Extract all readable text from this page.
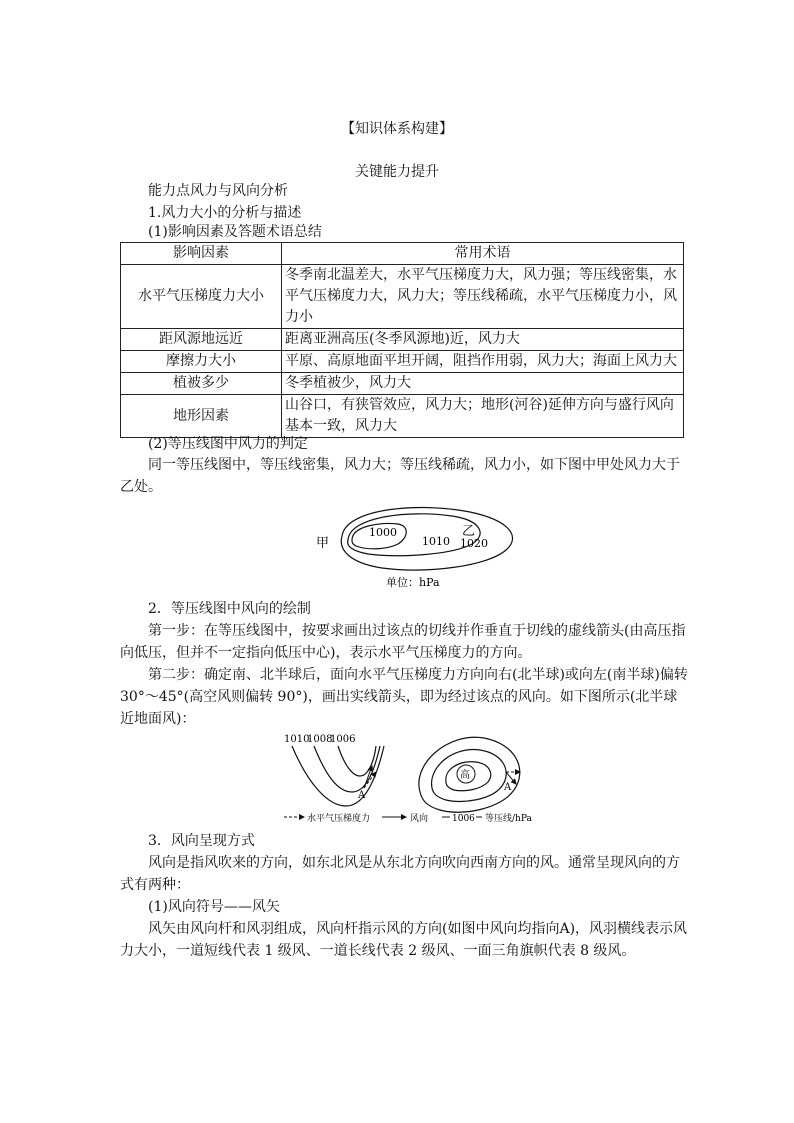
【知识体系构建】
关键能力提升
能力点风力与风向分析
1.风力大小的分析与描述
(1)影响因素及答题术语总结
影响因素	常用术语
水平气压梯度力大小	冬季南北温差大，水平气压梯度力大，风力强；等压线密集，水平气压梯度力大，风力大；等压线稀疏，水平气压梯度力小，风力小
距风源地远近	距离亚洲高压(冬季风源地)近，风力大
摩擦力大小	平原、高原地面平坦开阔，阻挡作用弱，风力大；海面上风力大
植被多少	冬季植被少，风力大
地形因素	山谷口，有狭管效应，风力大；地形(河谷)延伸方向与盛行风向基本一致，风力大
(2)等压线图中风力的判定
同一等压线图中，等压线密集，风力大；等压线稀疏，风力小，如下图中甲处风力大于乙处。
甲
乙
1000
1010 1020
单位：hPa
2．等压线图中风向的绘制
第一步：在等压线图中，按要求画出过该点的切线并作垂直于切线的虚线箭头(由高压指向低压，但并不一定指向低压中心)，表示水平气压梯度力的方向。
第二步：确定南、北半球后，面向水平气压梯度力方向向右(北半球)或向左(南半球)偏转 30°～45°(高空风则偏转 90°)，画出实线箭头，即为经过该点的风向。如下图所示(北半球近地面风)：
1010
1008
1006
A
高
A
水平气压梯度力	风向	1006 等压线/hPa
3．风向呈现方式
风向是指风吹来的方向，如东北风是从东北方向吹向西南方向的风。通常呈现风向的方式有两种：
(1)风向符号——风矢
风矢由风向杆和风羽组成，风向杆指示风的方向(如图中风向均指向A)，风羽横线表示风力大小，一道短线代表 1 级风、一道长线代表 2 级风、一面三角旗帜代表 8 级风。
